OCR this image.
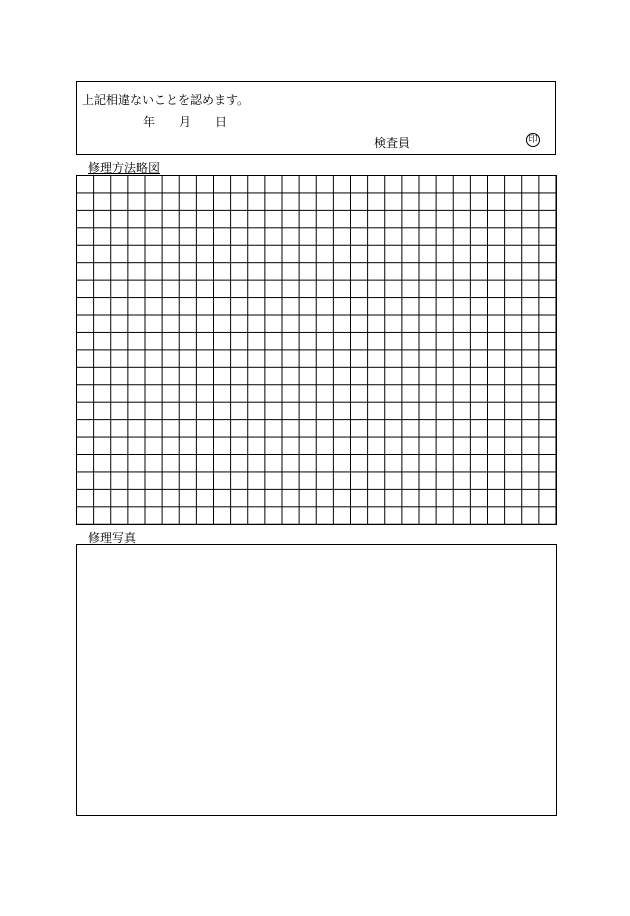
上記相違ないことを認めます。
年 月 日
検査員	印
修理方法略図
修理写真
